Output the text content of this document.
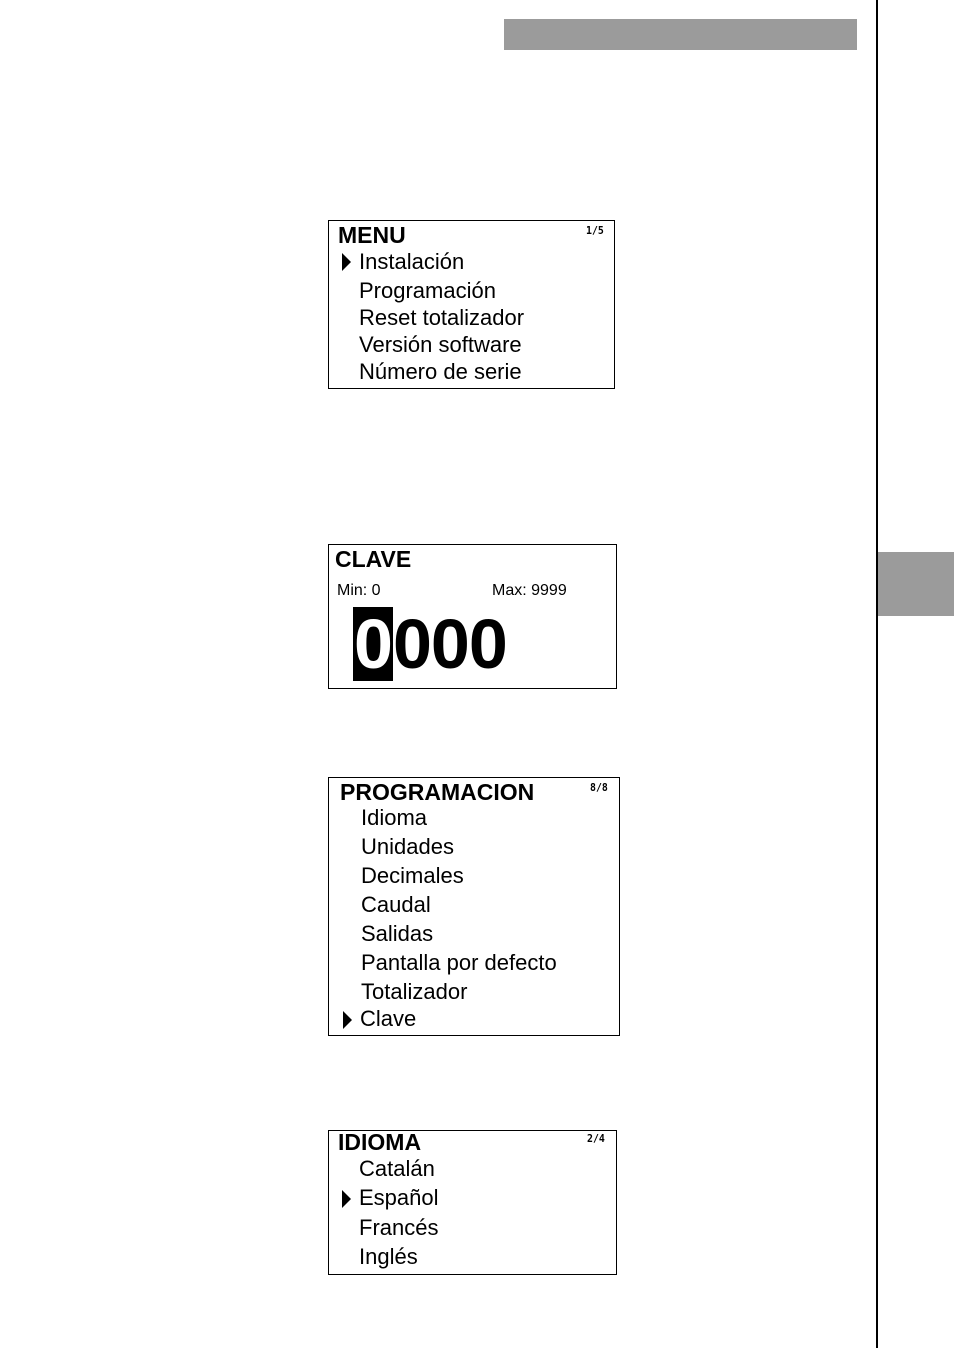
MENU	1/5
Instalación
Programación
Reset totalizador
Versión software
Número de serie
CLAVE
Min: 0	Max: 9999
0000
PROGRAMACION	8/8
Idioma
Unidades
Decimales
Caudal
Salidas
Pantalla por defecto
Totalizador
Clave
IDIOMA	2/4
Catalán
Español
Francés
Inglés
